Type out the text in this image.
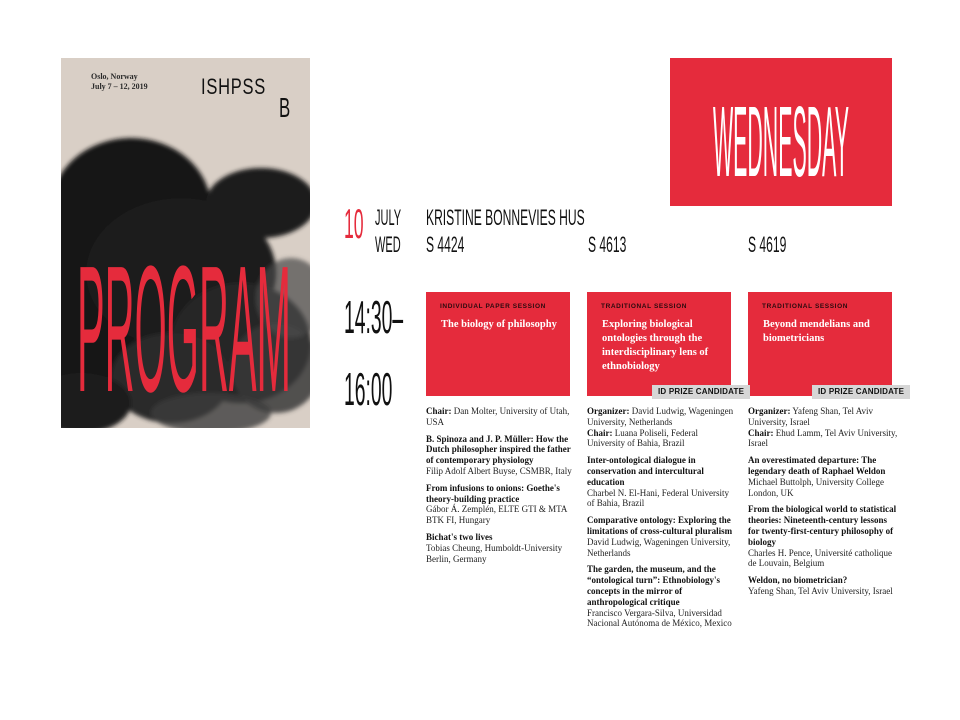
Oslo, Norway
July 7 – 12, 2019 ISHPSS
B
PROGRAM
WEDNESDAY
10 JULY
WED
KRISTINE BONNEVIES HUS
S 4424	S 4613	S 4619
14:30–
16:00
INDIVIDUAL PAPER SESSION
The biology of philosophy
TRADITIONAL SESSION
Exploring biological ontologies through the interdisciplinary lens of ethnobiology
TRADITIONAL SESSION
Beyond mendelians and biometricians
ID PRIZE CANDIDATE	ID PRIZE CANDIDATE

Chair: Dan Molter, University of Utah, USA

B. Spinoza and J. P. Müller: How the Dutch philosopher inspired the father of contemporary physiology
Filip Adolf Albert Buyse, CSMBR, Italy

From infusions to onions: Goethe's theory-building practice
Gábor Á. Zemplén, ELTE GTI & MTA BTK FI, Hungary

Bichat's two lives
Tobias Cheung, Humboldt-University Berlin, Germany

Organizer: David Ludwig, Wageningen University, Netherlands

Chair: Luana Poliseli, Federal University of Bahia, Brazil

Inter-ontological dialogue in conservation and intercultural education
Charbel N. El-Hani, Federal University of Bahia, Brazil

Comparative ontology: Exploring the limitations of cross-cultural pluralism
David Ludwig, Wageningen University, Netherlands

The garden, the museum, and the “ontological turn”: Ethnobiology's concepts in the mirror of anthropological critique
Francisco Vergara-Silva, Universidad Nacional Autónoma de México, Mexico

Organizer: Yafeng Shan, Tel Aviv University, Israel

Chair: Ehud Lamm, Tel Aviv University, Israel

An overestimated departure: The legendary death of Raphael Weldon
Michael Buttolph, University College London, UK

From the biological world to statistical theories: Nineteenth-century lessons for twenty-first-century philosophy of biology
Charles H. Pence, Université catholique de Louvain, Belgium

Weldon, no biometrician?
Yafeng Shan, Tel Aviv University, Israel
